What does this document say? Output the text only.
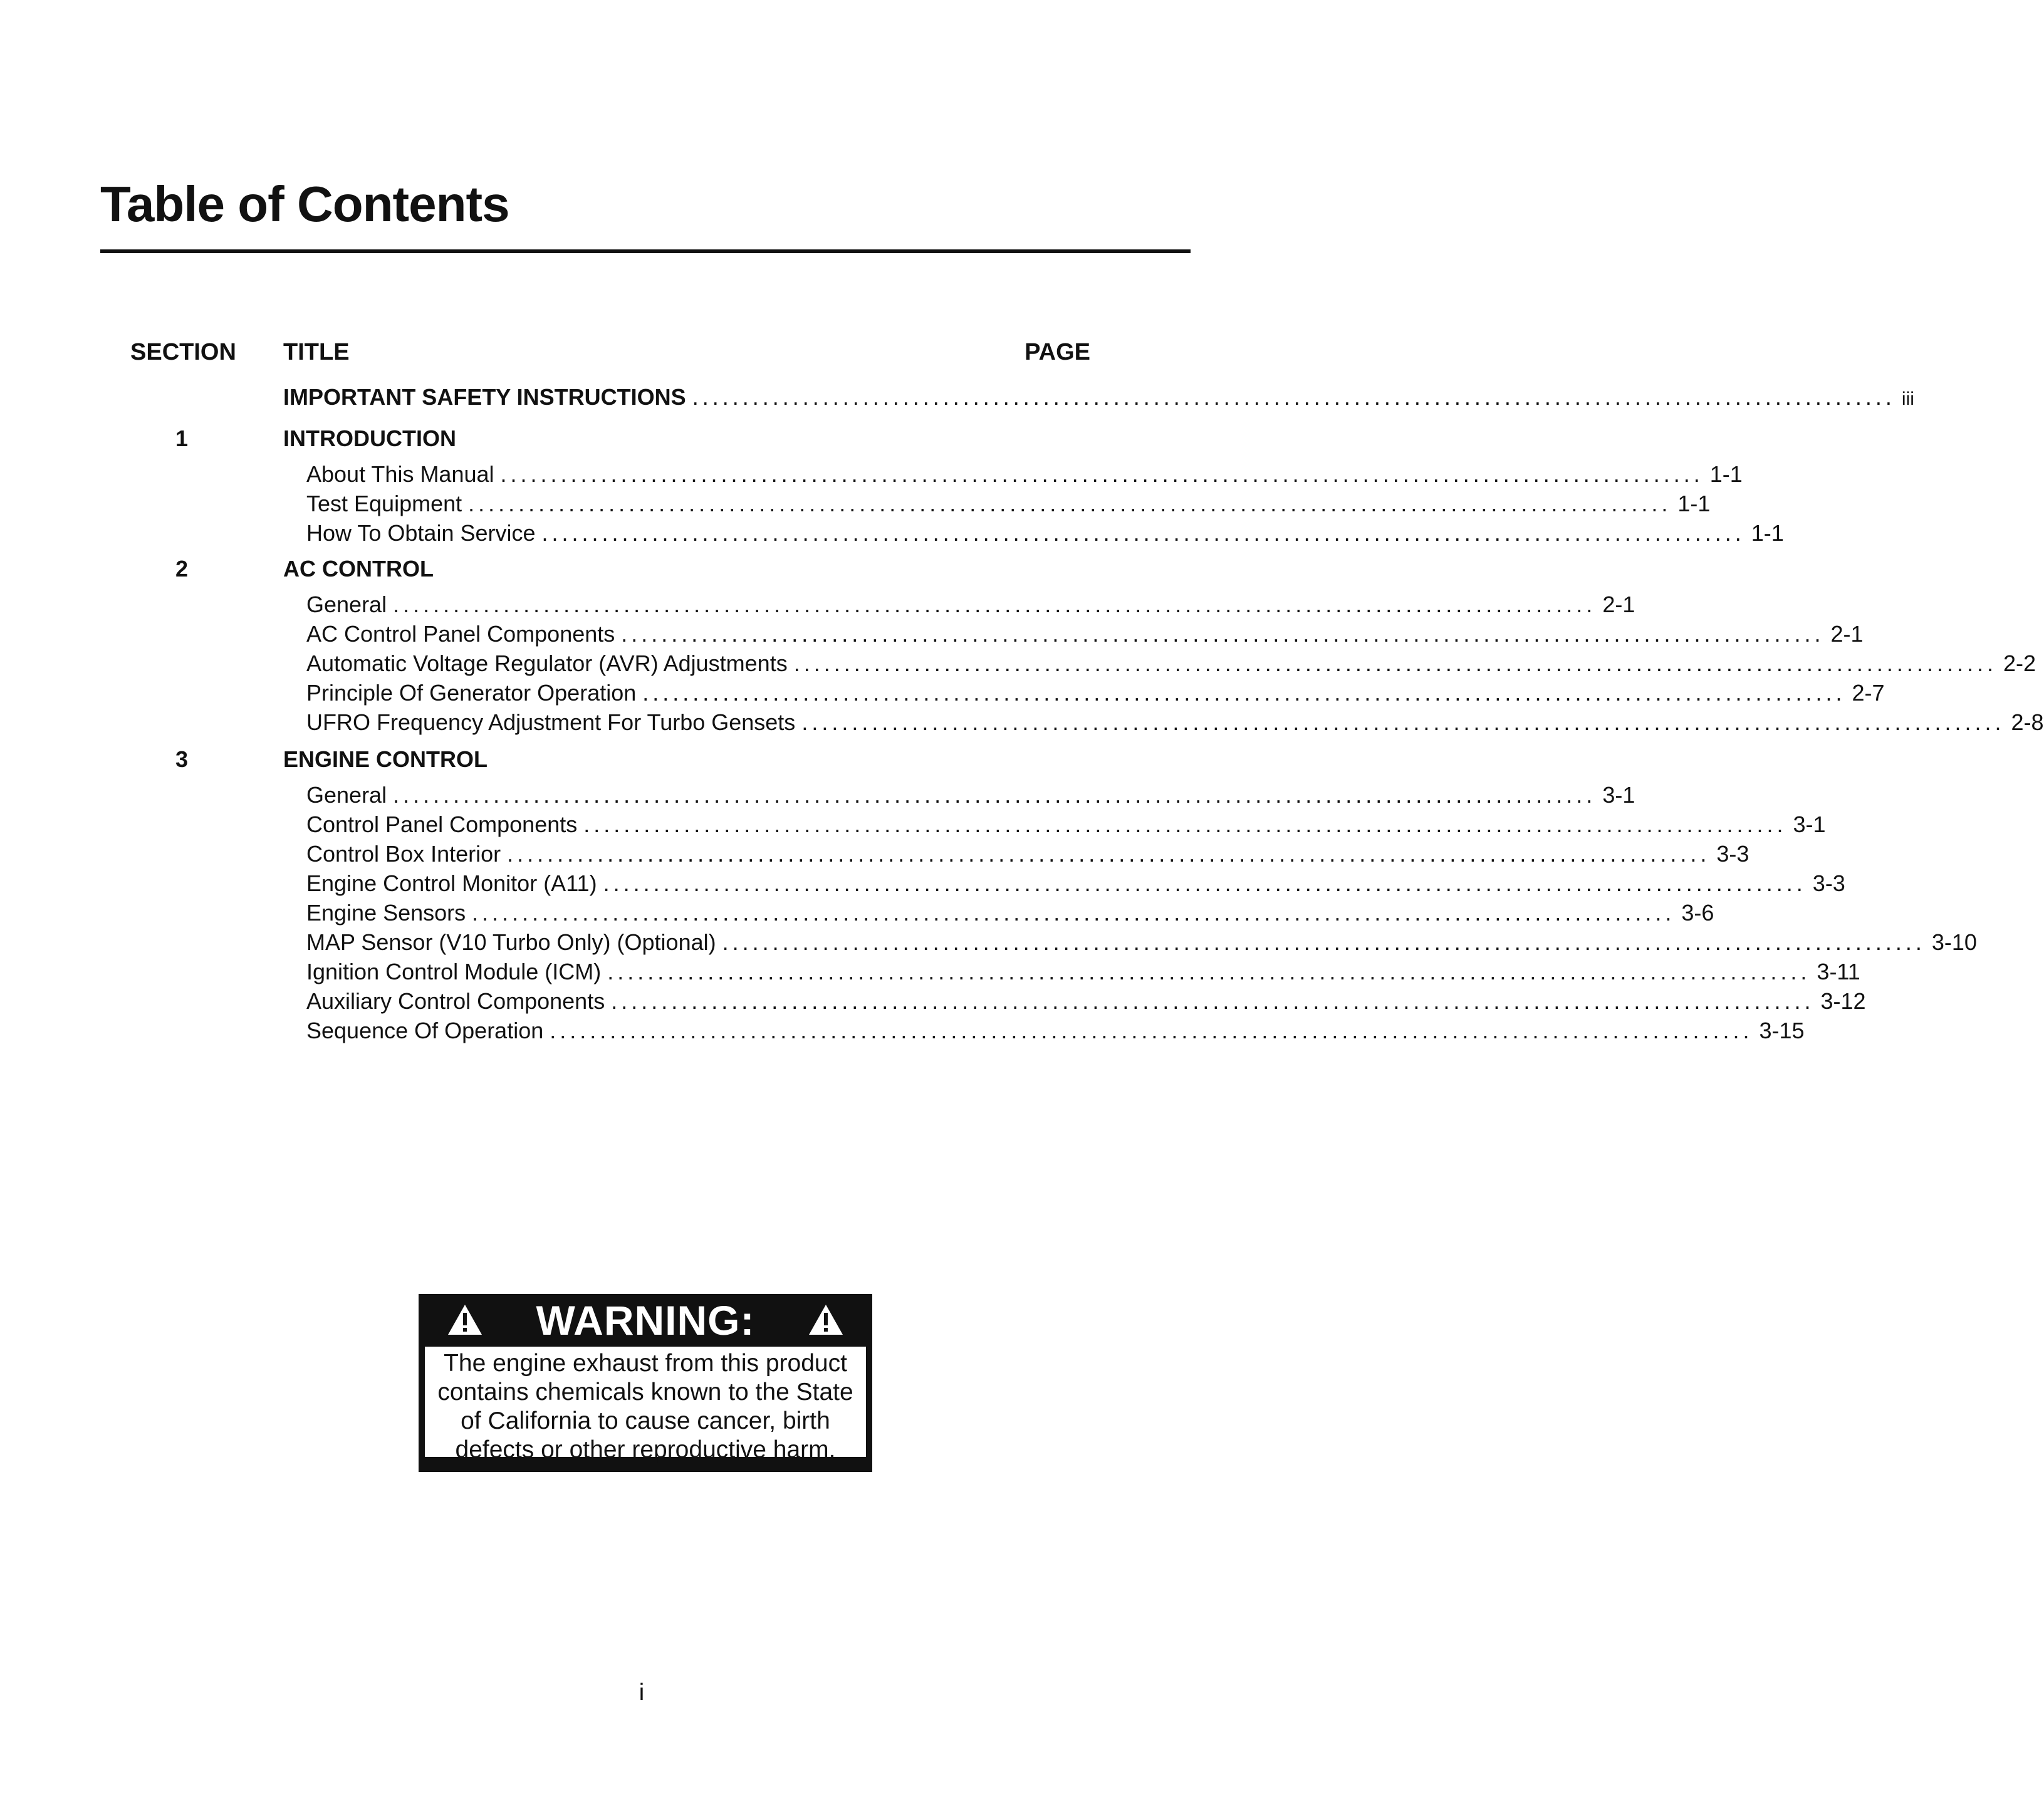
Table of Contents
SECTION TITLE	PAGE
IMPORTANT SAFETY INSTRUCTIONS ........................................................................................................................ iii
1	INTRODUCTION
About This Manual ........................................................................................................................ 1-1
Test Equipment ........................................................................................................................ 1-1
How To Obtain Service ........................................................................................................................ 1-1
2	AC CONTROL
General ........................................................................................................................ 2-1
AC Control Panel Components ........................................................................................................................ 2-1
Automatic Voltage Regulator (AVR) Adjustments ........................................................................................................................ 2-2
Principle Of Generator Operation ........................................................................................................................ 2-7
UFRO Frequency Adjustment For Turbo Gensets ........................................................................................................................ 2-8
3	ENGINE CONTROL
General ........................................................................................................................ 3-1
Control Panel Components ........................................................................................................................ 3-1
Control Box Interior ........................................................................................................................ 3-3
Engine Control Monitor (A11) ........................................................................................................................ 3-3
Engine Sensors ........................................................................................................................ 3-6
MAP Sensor (V10 Turbo Only) (Optional) ........................................................................................................................ 3-10
Ignition Control Module (ICM) ........................................................................................................................ 3-11
Auxiliary Control Components ........................................................................................................................ 3-12
Sequence Of Operation ........................................................................................................................ 3-15
WARNING:
The engine exhaust from this product
contains chemicals known to the State
of California to cause cancer, birth
defects or other reproductive harm.
i
